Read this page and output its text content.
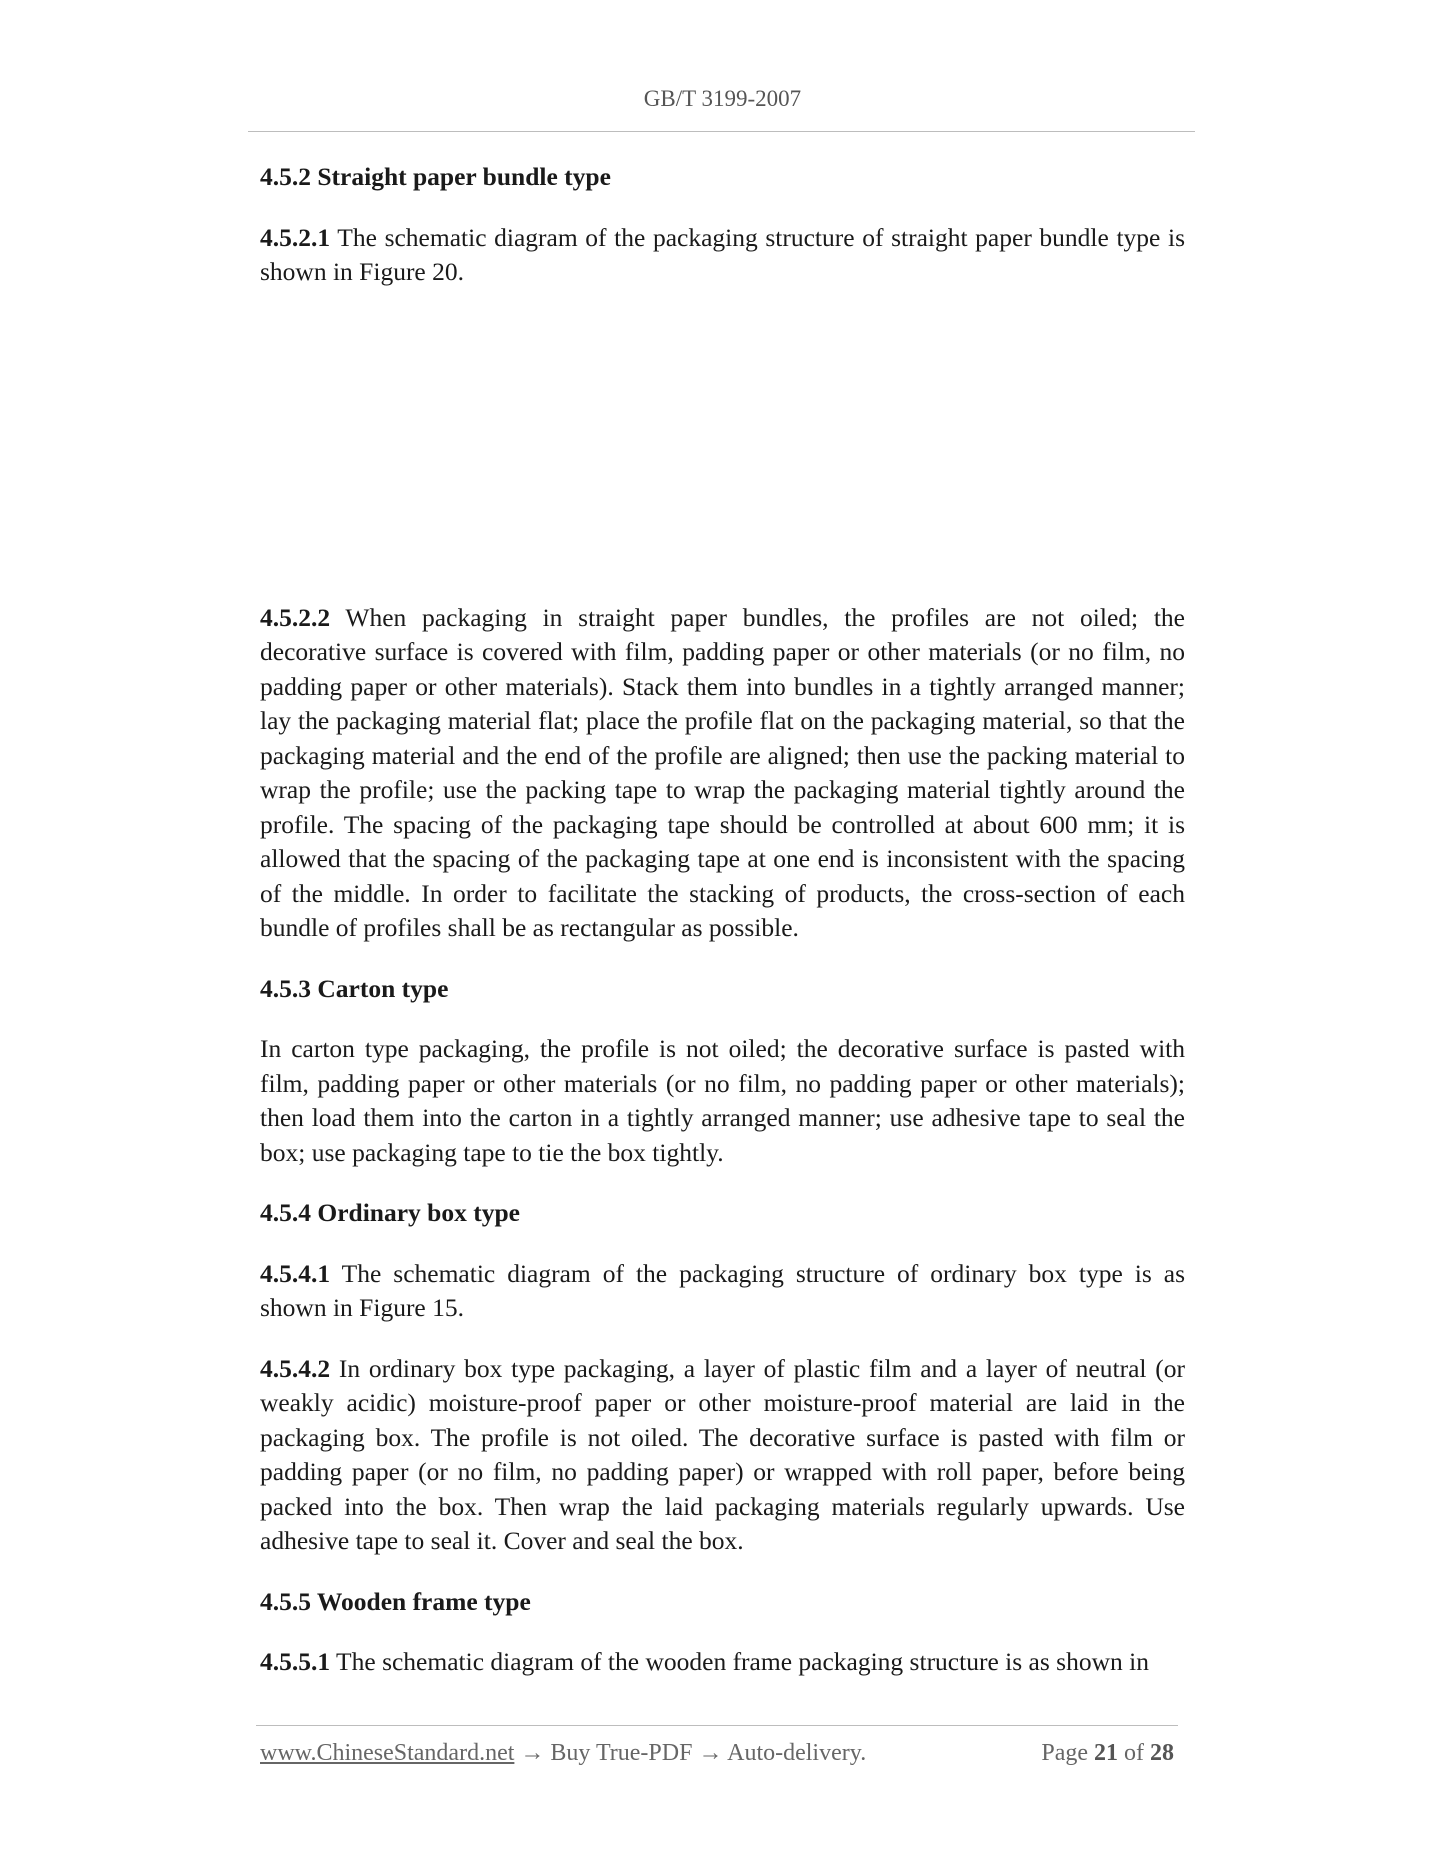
GB/T 3199-2007

4.5.2 Straight paper bundle type

4.5.2.1 The schematic diagram of the packaging structure of straight paper bundle type is shown in Figure 20.

4.5.2.2 When packaging in straight paper bundles, the profiles are not oiled; the decorative surface is covered with film, padding paper or other materials (or no film, no padding paper or other materials). Stack them into bundles in a tightly arranged manner; lay the packaging material flat; place the profile flat on the packaging material, so that the packaging material and the end of the profile are aligned; then use the packing material to wrap the profile; use the packing tape to wrap the packaging material tightly around the profile. The spacing of the packaging tape should be controlled at about 600 mm; it is allowed that the spacing of the packaging tape at one end is inconsistent with the spacing of the middle. In order to facilitate the stacking of products, the cross-section of each bundle of profiles shall be as rectangular as possible.

4.5.3 Carton type

In carton type packaging, the profile is not oiled; the decorative surface is pasted with film, padding paper or other materials (or no film, no padding paper or other materials); then load them into the carton in a tightly arranged manner; use adhesive tape to seal the box; use packaging tape to tie the box tightly.

4.5.4 Ordinary box type

4.5.4.1 The schematic diagram of the packaging structure of ordinary box type is as shown in Figure 15.

4.5.4.2 In ordinary box type packaging, a layer of plastic film and a layer of neutral (or weakly acidic) moisture-proof paper or other moisture-proof material are laid in the packaging box. The profile is not oiled. The decorative surface is pasted with film or padding paper (or no film, no padding paper) or wrapped with roll paper, before being packed into the box. Then wrap the laid packaging materials regularly upwards. Use adhesive tape to seal it. Cover and seal the box.

4.5.5 Wooden frame type

4.5.5.1 The schematic diagram of the wooden frame packaging structure is as shown in

www.ChineseStandard.net → Buy True-PDF → Auto-delivery.	Page 21 of 28
